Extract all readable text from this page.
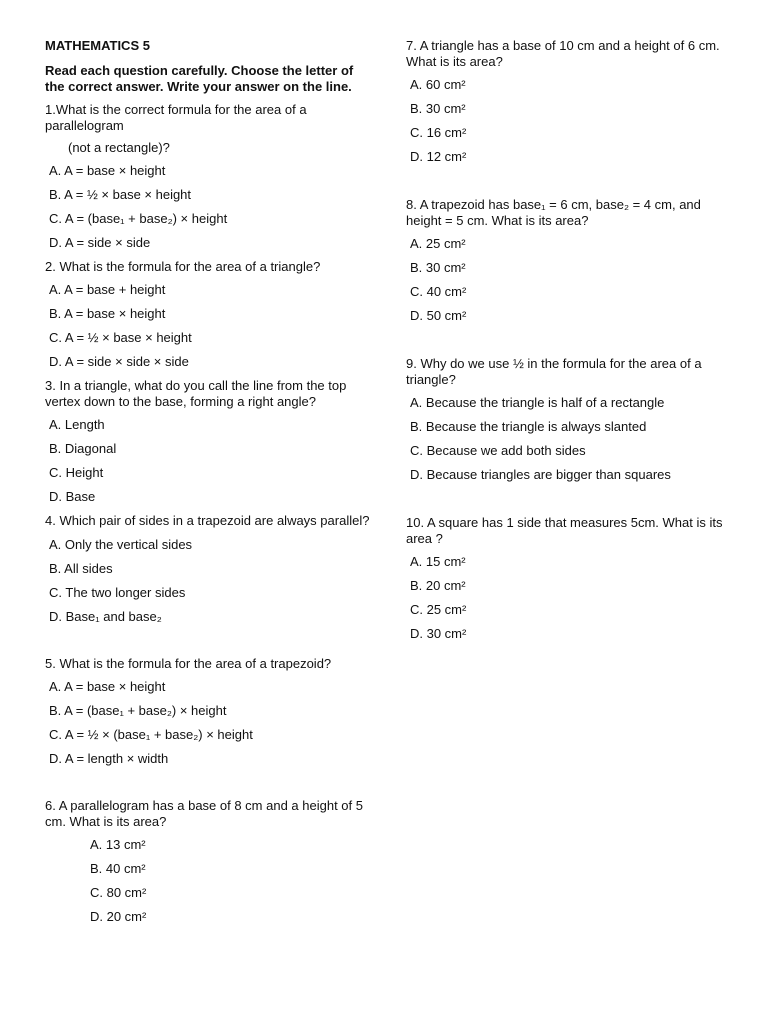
MATHEMATICS 5

Read each question carefully. Choose the letter of the correct answer. Write your answer on the line.

1.What is the correct formula for the area of a parallelogram

(not a rectangle)?

A. A = base × height

B. A = ½ × base × height

C. A = (base₁ + base₂) × height

D. A = side × side

2. What is the formula for the area of a triangle?

A. A = base + height

B. A = base × height

C. A = ½ × base × height

D. A = side × side × side

3. In a triangle, what do you call the line from the top vertex down to the base, forming a right angle?

A. Length

B. Diagonal

C. Height

D. Base

4. Which pair of sides in a trapezoid are always parallel?

A. Only the vertical sides

B. All sides

C. The two longer sides

D. Base₁ and base₂

5. What is the formula for the area of a trapezoid?

A. A = base × height

B. A = (base₁ + base₂) × height

C. A = ½ × (base₁ + base₂) × height

D. A = length × width

6. A parallelogram has a base of 8 cm and a height of 5 cm. What is its area?

A. 13 cm²

B. 40 cm²

C. 80 cm²

D. 20 cm²

7. A triangle has a base of 10 cm and a height of 6 cm. What is its area?

A. 60 cm²

B. 30 cm²

C. 16 cm²

D. 12 cm²

8. A trapezoid has base₁ = 6 cm, base₂ = 4 cm, and height = 5 cm. What is its area?

A. 25 cm²

B. 30 cm²

C. 40 cm²

D. 50 cm²

9. Why do we use ½ in the formula for the area of a triangle?

A. Because the triangle is half of a rectangle

B. Because the triangle is always slanted

C. Because we add both sides

D. Because triangles are bigger than squares

10. A square has 1 side that measures 5cm. What is its area ?

A. 15 cm²

B. 20 cm²

C. 25 cm²

D. 30 cm²
